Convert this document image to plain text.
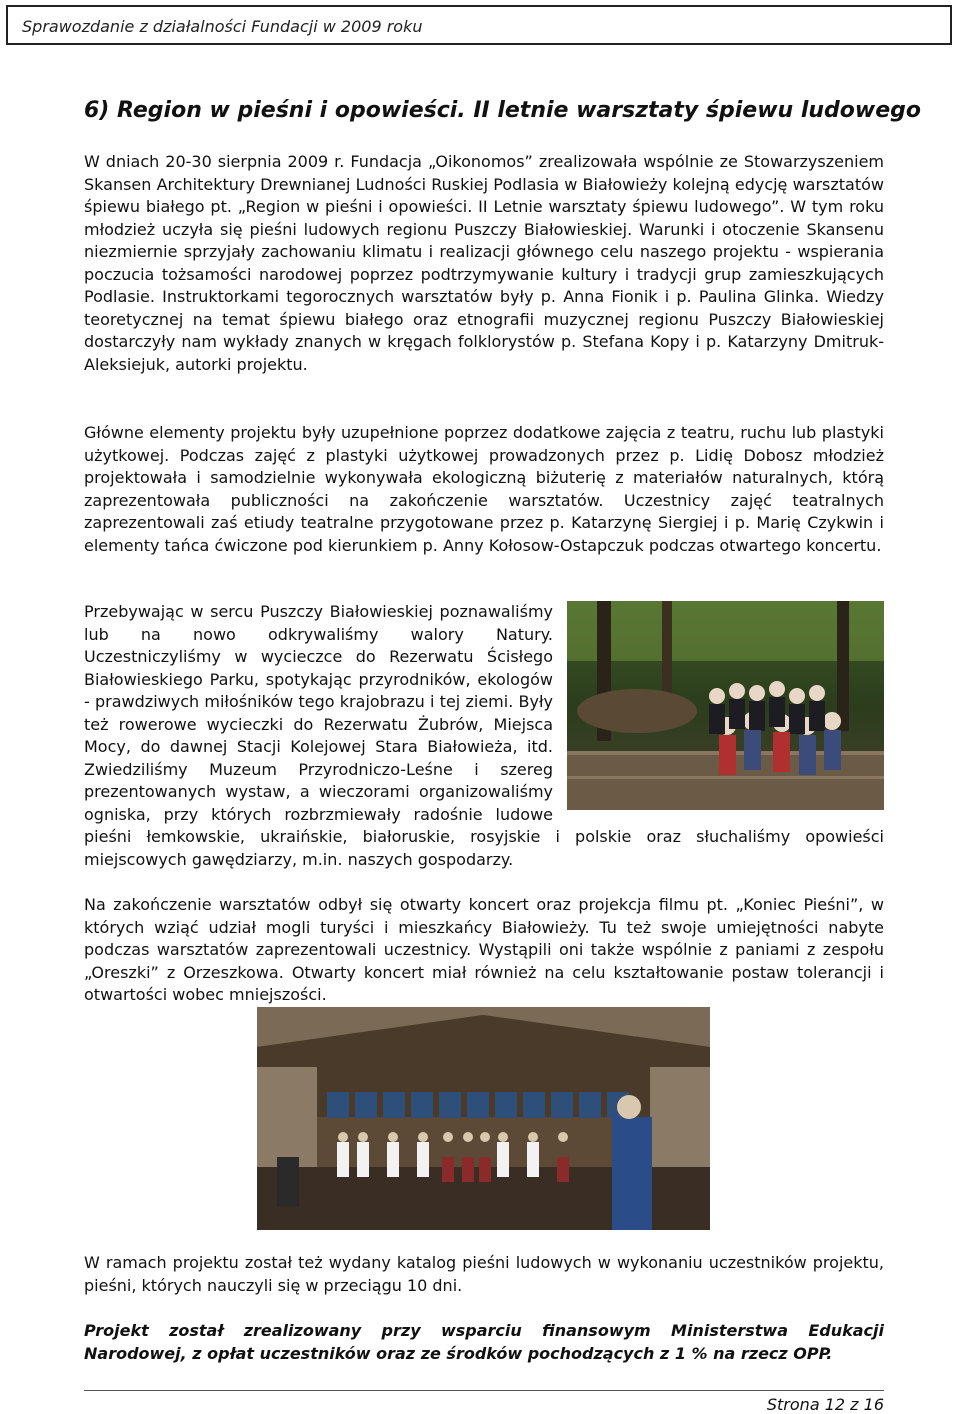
Sprawozdanie z działalności Fundacji w 2009 roku
6) Region w pieśni i opowieści. II letnie warsztaty śpiewu ludowego

W dniach 20-30 sierpnia 2009 r. Fundacja „Oikonomos” zrealizowała wspólnie ze Stowarzyszeniem Skansen Architektury Drewnianej Ludności Ruskiej Podlasia w Białowieży kolejną edycję warsztatów śpiewu białego pt. „Region w pieśni i opowieści. II Letnie warsztaty śpiewu ludowego”. W tym roku młodzież uczyła się pieśni ludowych regionu Puszczy Białowieskiej. Warunki i otoczenie Skansenu niezmiernie sprzyjały zachowaniu klimatu i realizacji głównego celu naszego projektu - wspierania poczucia tożsamości narodowej poprzez podtrzymywanie kultury i tradycji grup zamieszkujących Podlasie. Instruktorkami tegorocznych warsztatów były p. Anna Fionik i p. Paulina Glinka. Wiedzy teoretycznej na temat śpiewu białego oraz etnografii muzycznej regionu Puszczy Białowieskiej dostarczyły nam wykłady znanych w kręgach folklorystów p. Stefana Kopy i p. Katarzyny Dmitruk-Aleksiejuk, autorki projektu.

Główne elementy projektu były uzupełnione poprzez dodatkowe zajęcia z teatru, ruchu lub plastyki użytkowej. Podczas zajęć z plastyki użytkowej prowadzonych przez p. Lidię Dobosz młodzież projektowała i samodzielnie wykonywała ekologiczną biżuterię z materiałów naturalnych, którą zaprezentowała publiczności na zakończenie warsztatów. Uczestnicy zajęć teatralnych zaprezentowali zaś etiudy teatralne przygotowane przez p. Katarzynę Siergiej i p. Marię Czykwin i elementy tańca ćwiczone pod kierunkiem p. Anny Kołosow-Ostapczuk podczas otwartego koncertu.

Przebywając w sercu Puszczy Białowieskiej poznawaliśmy lub na nowo odkrywaliśmy walory Natury. Uczestniczyliśmy w wycieczce do Rezerwatu Ścisłego Białowieskiego Parku, spotykając przyrodników, ekologów - prawdziwych miłośników tego krajobrazu i tej ziemi. Były też rowerowe wycieczki do Rezerwatu Żubrów, Miejsca Mocy, do dawnej Stacji Kolejowej Stara Białowieża, itd. Zwiedziliśmy Muzeum Przyrodniczo-Leśne i szereg prezentowanych wystaw, a wieczorami organizowaliśmy ogniska, przy których rozbrzmiewały radośnie ludowe pieśni łemkowskie, ukraińskie, białoruskie, rosyjskie i polskie oraz słuchaliśmy opowieści miejscowych gawędziarzy, m.in. naszych gospodarzy.

Na zakończenie warsztatów odbył się otwarty koncert oraz projekcja filmu pt. „Koniec Pieśni”, w których wziąć udział mogli turyści i mieszkańcy Białowieży. Tu też swoje umiejętności nabyte podczas warsztatów zaprezentowali uczestnicy. Wystąpili oni także wspólnie z paniami z zespołu „Oreszki” z Orzeszkowa. Otwarty koncert miał również na celu kształtowanie postaw tolerancji i otwartości wobec mniejszości.

W ramach projektu został też wydany katalog pieśni ludowych w wykonaniu uczestników projektu, pieśni, których nauczyli się w przeciągu 10 dni.

Projekt został zrealizowany przy wsparciu finansowym Ministerstwa Edukacji Narodowej, z opłat uczestników oraz ze środków pochodzących z 1 % na rzecz OPP.

Strona 12 z 16
